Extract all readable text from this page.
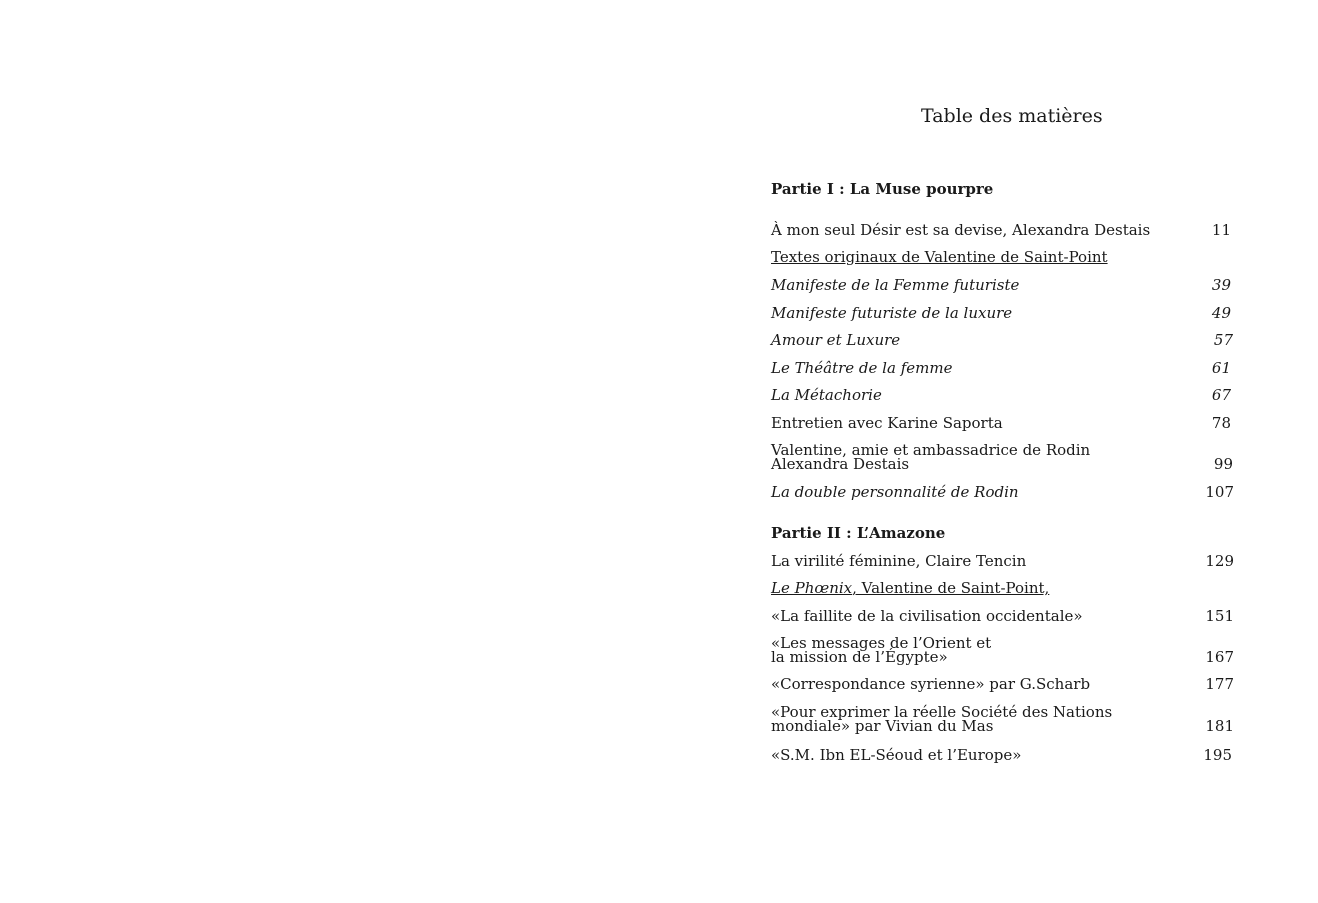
Table des matières
Partie I : La Muse pourpre
À mon seul Désir est sa devise, Alexandra Destais	11
Textes originaux de Valentine de Saint-Point
Manifeste de la Femme futuriste	39
Manifeste futuriste de la luxure	49
Amour et Luxure	57
Le Théâtre de la femme	61
La Métachorie	67
Entretien avec Karine Saporta	78
Valentine, amie et ambassadrice de Rodin
Alexandra Destais	99
La double personnalité de Rodin	107
Partie II : L’Amazone
La virilité féminine, Claire Tencin	129
Le Phœnix, Valentine de Saint-Point,
«La faillite de la civilisation occidentale»	151
«Les messages de l’Orient et
la mission de l’Égypte»	167
«Correspondance syrienne» par G.Scharb	177
«Pour exprimer la réelle Société des Nations
mondiale» par Vivian du Mas	181
«S.M. Ibn EL-Séoud et l’Europe»	195
